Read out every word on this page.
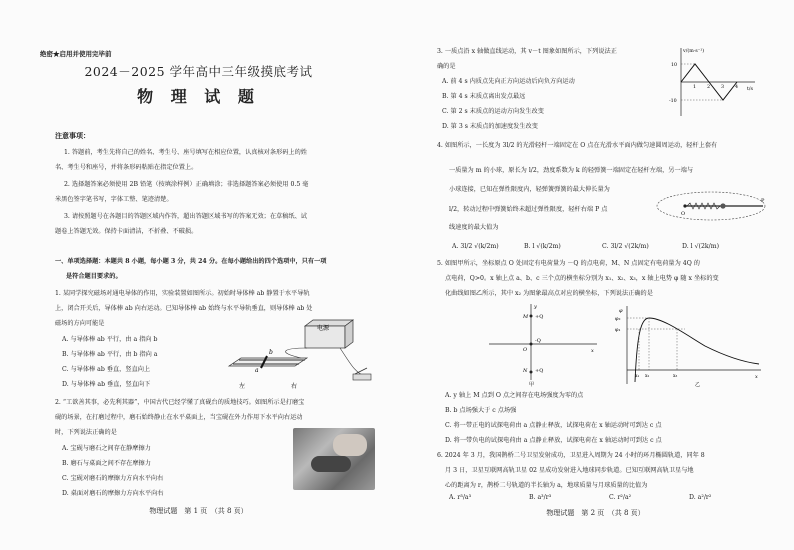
绝密★启用并使用完毕前
2024－2025 学年高中三年级摸底考试
物 理 试 题
注意事项：
1. 答题前，考生先将自己的姓名、考生号、座号填写在相应位置，认真核对条形码上的姓
名、考生号和座号，并将条形码粘贴在指定位置上。
2. 选择题答案必须使用 2B 铅笔（按填涂样例）正确填涂；非选择题答案必须使用 0.5 毫
米黑色签字笔书写，字体工整、笔迹清楚。
3. 请按照题号在各题目的答题区域内作答，超出答题区域书写的答案无效；在草稿纸、试
题卷上答题无效。保持卡面清洁，不折叠、不破损。
一、单项选择题：本题共 8 小题，每小题 3 分，共 24 分。在每小题给出的四个选项中，只有一项
是符合题目要求的。
1. 某同学探究磁场对通电导体的作用，实验装置如图所示。初始时导体棒 ab 静置于水平导轨
上，闭合开关后，导体棒 ab 向右运动。已知导体棒 ab 始终与水平导轨垂直，则导体棒 ab 处
磁场的方向可能是
A. 与导体棒 ab 平行，由 a 指向 b
B. 与导体棒 ab 平行，由 b 指向 a
C. 与导体棒 ab 垂直，竖直向上
D. 与导体棒 ab 垂直，竖直向下
电源
a
b
左	右
2. “工欲善其事，必先利其器”，中国古代已经学懂了真砚台的质地技巧。如图所示是打磨宝
砚的场景，在打磨过程中，磨石始终静止在水平桌面上，当宝砚在外力作用下水平向右运动
时，下列说法正确的是
A. 宝砚与磨石之间存在静摩擦力
B. 磨石与桌面之间不存在摩擦力
C. 宝砚对磨石的摩擦力方向水平向右
D. 桌面对磨石的摩擦力方向水平向右
物理试题　第 1 页　（共 8 页）
3. 一质点沿 x 轴做直线运动，其 v－t 图象如图所示，下列说法正
确的是
A. 前 4 s 内质点先向正方向运动后向负方向运动
B. 第 4 s 末质点离出发点最远
C. 第 2 s 末质点的运动方向发生改变
D. 第 3 s 末质点的加速度发生改变
v/(m·s⁻¹)
t/s
10
-10
1 2 3 4
4. 如图所示，一长度为 3l/2 的光滑轻杆一端固定在 O 点在光滑水平面内做匀速圆周运动，轻杆上套有
一质量为 m 的小球，原长为 l/2，劲度系数为 k 的轻弹簧一端固定在轻杆左端，另一端与
小球连接，已知在弹性限度内，轻弹簧弹簧的最大伸长量为
l/2，转动过程中弹簧始终未超过弹性限度，轻杆右端 P 点
线速度的最大值为
A. 3l/2 √(k/2m)	B. l √(k/2m)	C. 3l/2 √(2k/m)	D. l √(2k/m)
O
P
5. 如图甲所示，坐标原点 O 处固定有电荷量为 －Q 的点电荷，M、N 点固定有电荷量为 4Q 的
点电荷，Q>0。x 轴上点 a、b、c 三个点的横坐标分别为 x₁、x₂、x₃，x 轴上电势 φ 随 x 坐标的变
化曲线如图乙所示，其中 x₂ 为图象最高点对应的横坐标，下列说法正确的是
y
M +Q
O
-Q
N +Q
x
甲
φ
φ₂
φ₁
x₁ x₂	x₃	x
乙
A. y 轴上 M 点到 O 点之间存在电场强度为零的点
B. b 点场强大于 c 点场强
C. 将一带正电的试探电荷由 a 点静止释放，试探电荷在 x 轴运动时可到达 c 点
D. 将一带负电的试探电荷由 a 点静止释放，试探电荷在 x 轴运动时可到达 c 点
6. 2024 年 3 月，我国鹊桥二号卫星发射成功，卫星进入周期为 24 小时的环月椭圆轨道，同年 8
月 3 日，卫星互联网高轨卫星 02 星成功发射进入地球同步轨道。已知互联网高轨卫星与地
心的距离为 r，鹊桥二号轨道的半长轴为 a，地球质量与月球质量的比值为
A. r³/a³	B. a³/r³	C. r²/a²	D. a²/r²
物理试题　第 2 页　（共 8 页）
